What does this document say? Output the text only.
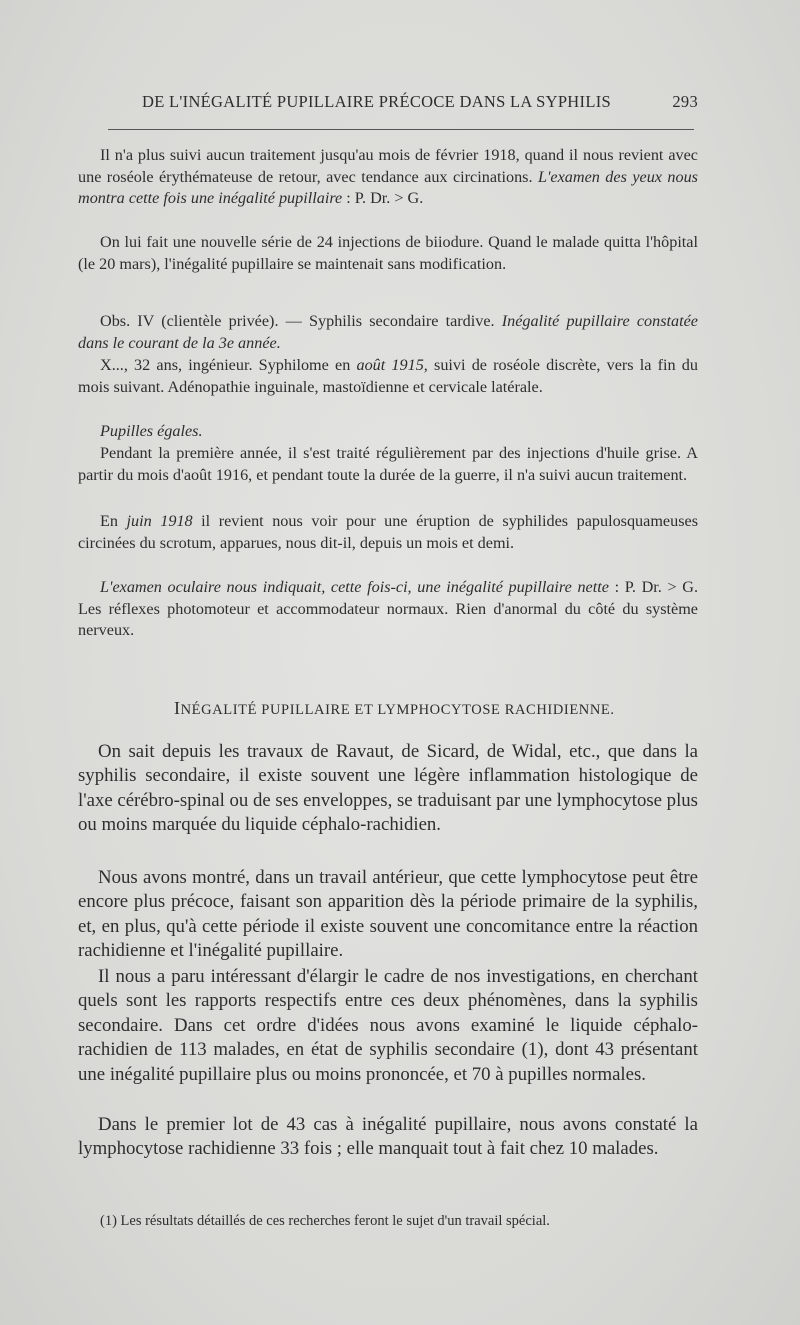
DE L'INÉGALITÉ PUPILLAIRE PRÉCOCE DANS LA SYPHILIS	293

Il n'a plus suivi aucun traitement jusqu'au mois de février 1918, quand il nous revient avec une roséole érythémateuse de retour, avec tendance aux circinations. L'examen des yeux nous montra cette fois une inégalité pupillaire : P. Dr. > G.

On lui fait une nouvelle série de 24 injections de biiodure. Quand le malade quitta l'hôpital (le 20 mars), l'inégalité pupillaire se maintenait sans modification.

Obs. IV (clientèle privée). — Syphilis secondaire tardive. Inégalité pupillaire constatée dans le courant de la 3e année.

X..., 32 ans, ingénieur. Syphilome en août 1915, suivi de roséole discrète, vers la fin du mois suivant. Adénopathie inguinale, mastoïdienne et cervicale latérale.

Pupilles égales.

Pendant la première année, il s'est traité régulièrement par des injections d'huile grise. A partir du mois d'août 1916, et pendant toute la durée de la guerre, il n'a suivi aucun traitement.

En juin 1918 il revient nous voir pour une éruption de syphilides papulosquameuses circinées du scrotum, apparues, nous dit-il, depuis un mois et demi.

L'examen oculaire nous indiquait, cette fois-ci, une inégalité pupillaire nette : P. Dr. > G. Les réflexes photomoteur et accommodateur normaux. Rien d'anormal du côté du système nerveux.

INÉGALITÉ PUPILLAIRE ET LYMPHOCYTOSE RACHIDIENNE.

On sait depuis les travaux de Ravaut, de Sicard, de Widal, etc., que dans la syphilis secondaire, il existe souvent une légère inflammation histologique de l'axe cérébro-spinal ou de ses enveloppes, se traduisant par une lymphocytose plus ou moins marquée du liquide céphalo-rachidien.

Nous avons montré, dans un travail antérieur, que cette lymphocytose peut être encore plus précoce, faisant son apparition dès la période primaire de la syphilis, et, en plus, qu'à cette période il existe souvent une concomitance entre la réaction rachidienne et l'inégalité pupillaire.

Il nous a paru intéressant d'élargir le cadre de nos investigations, en cherchant quels sont les rapports respectifs entre ces deux phénomènes, dans la syphilis secondaire. Dans cet ordre d'idées nous avons examiné le liquide céphalo-rachidien de 113 malades, en état de syphilis secondaire (1), dont 43 présentant une inégalité pupillaire plus ou moins prononcée, et 70 à pupilles normales.

Dans le premier lot de 43 cas à inégalité pupillaire, nous avons constaté la lymphocytose rachidienne 33 fois ; elle manquait tout à fait chez 10 malades.

(1) Les résultats détaillés de ces recherches feront le sujet d'un travail spécial.
